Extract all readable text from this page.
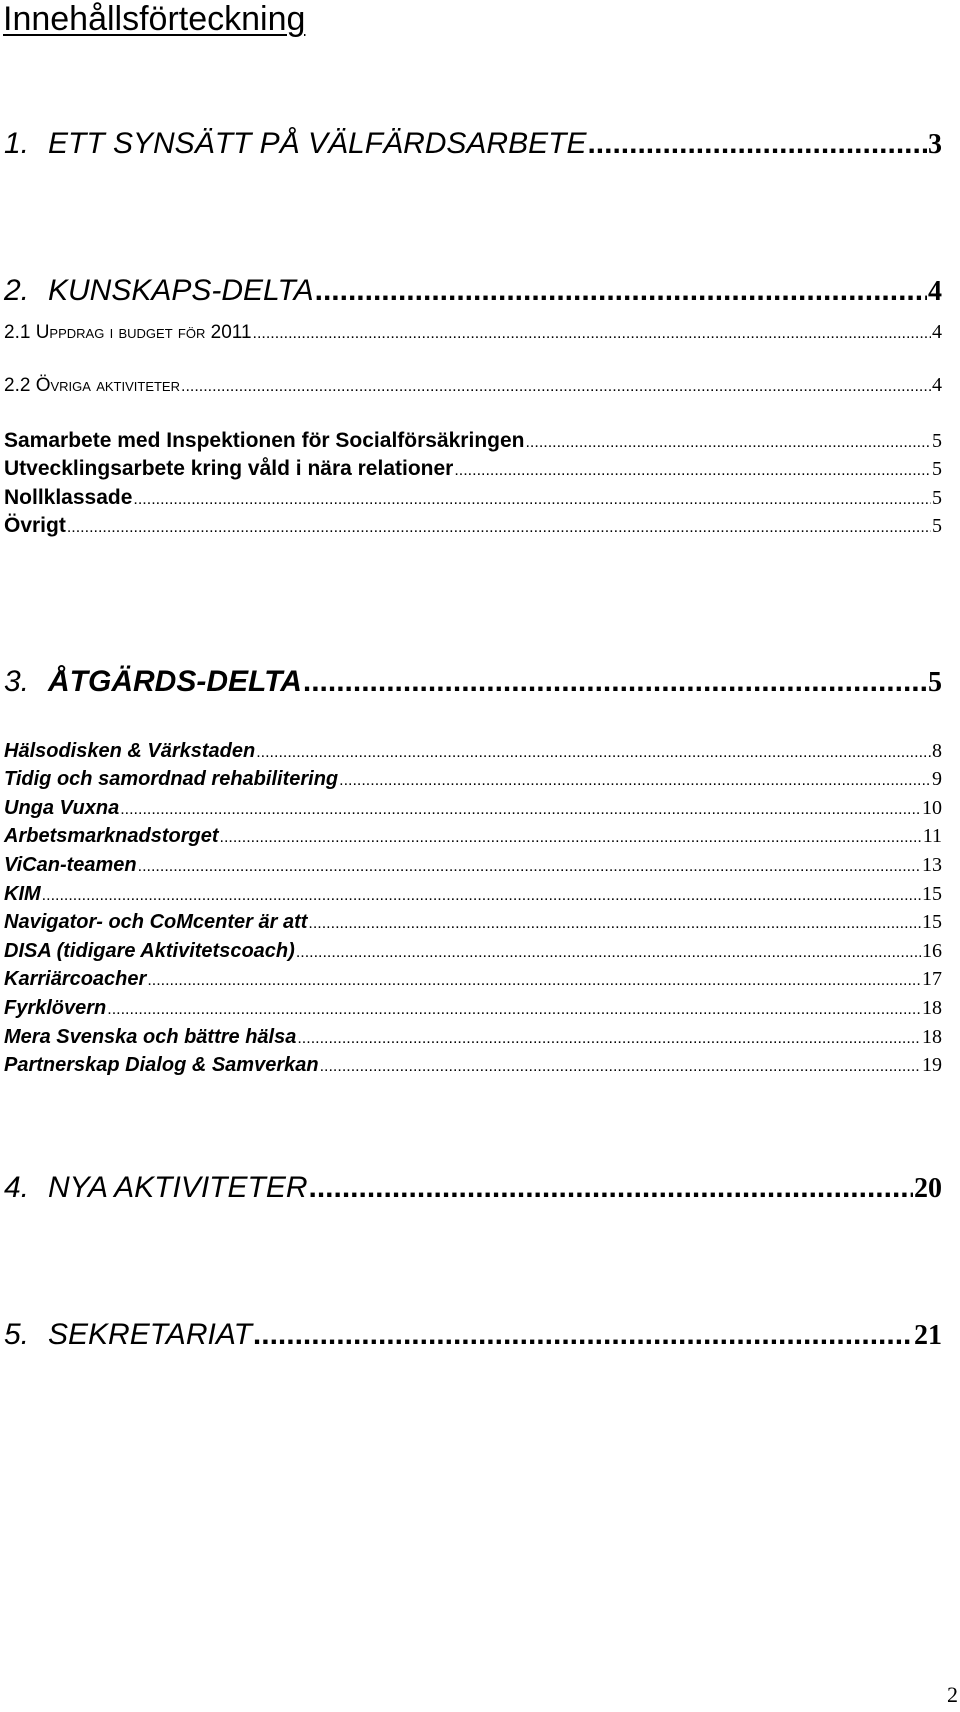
Innehållsförteckning
1. ETT SYNSÄTT PÅ VÄLFÄRDSARBETE .....	3
2. KUNSKAPS-DELTA .....	4
2.1 Uppdrag i budget för 2011 .....	4
2.2 Övriga aktiviteter .....	4
Samarbete med Inspektionen för Socialförsäkringen .....	5
Utvecklingsarbete kring våld i nära relationer .....	5
Nollklassade .....	5
Övrigt .....	5
3. ÅTGÄRDS-DELTA .....	5
Hälsodisken & Värkstaden .....	8
Tidig och samordnad rehabilitering .....	9
Unga Vuxna .....	10
Arbetsmarknadstorget .....	11
ViCan-teamen .....	13
KIM .....	15
Navigator- och CoMcenter är att .....	15
DISA (tidigare Aktivitetscoach) .....	16
Karriärcoacher .....	17
Fyrklövern .....	18
Mera Svenska och bättre hälsa .....	18
Partnerskap Dialog & Samverkan .....	19
4. NYA AKTIVITETER .....	20
5. SEKRETARIAT .....	21
2
